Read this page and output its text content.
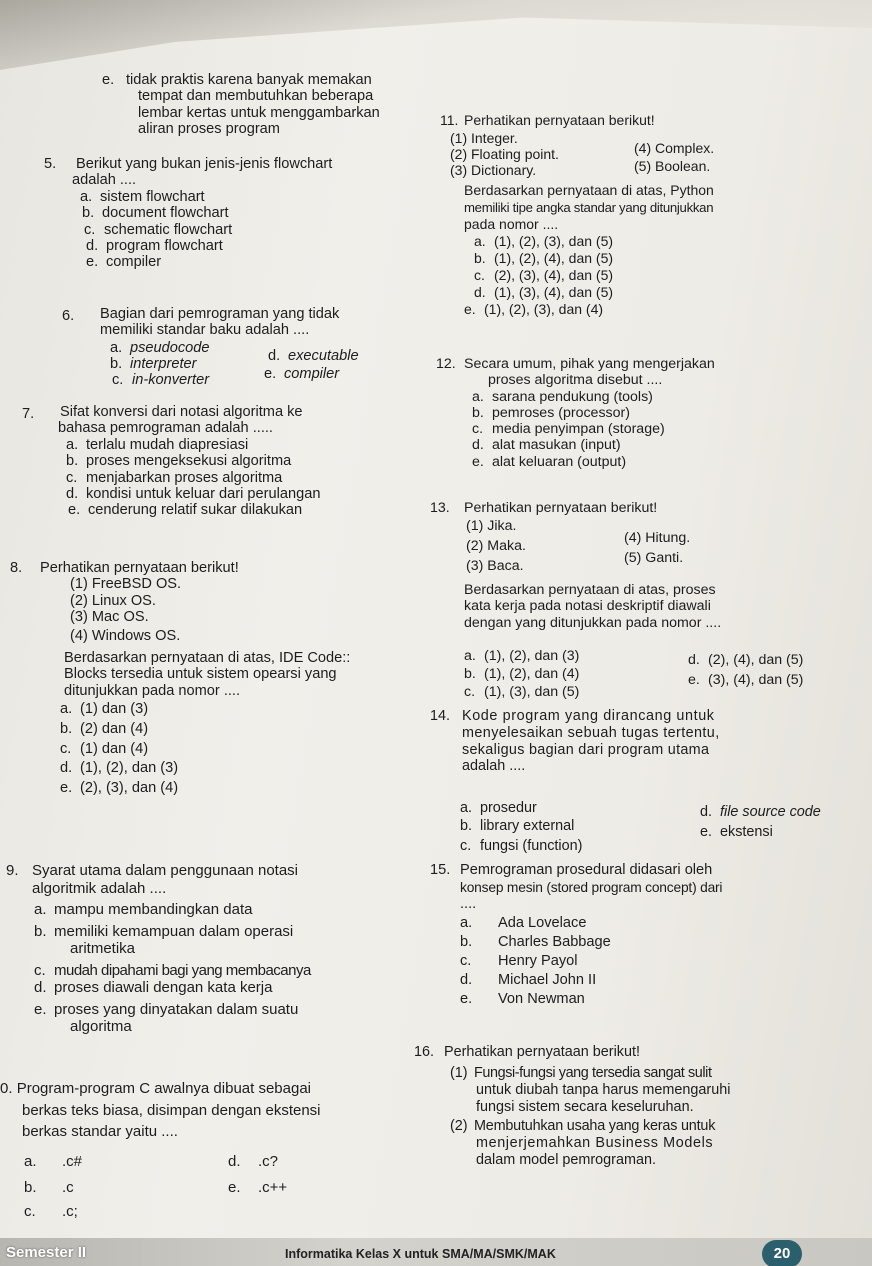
e. tidak praktis karena banyak memakan
tempat dan membutuhkan beberapa
lembar kertas untuk menggambarkan
aliran proses program
5.	Berikut yang bukan jenis-jenis flowchart
adalah ....
a. sistem flowchart
b. document flowchart
c. schematic flowchart
d. program flowchart
e. compiler
6.	Bagian dari pemrograman yang tidak
memiliki standar baku adalah ....
a. pseudocode
b. interpreter
c. in-konverter
d. executable
e. compiler
7.	Sifat konversi dari notasi algoritma ke
bahasa pemrograman adalah .....
a. terlalu mudah diapresiasi
b. proses mengeksekusi algoritma
c. menjabarkan proses algoritma
d. kondisi untuk keluar dari perulangan
e. cenderung relatif sukar dilakukan
8. Perhatikan pernyataan berikut!
(1) FreeBSD OS.
(2) Linux OS.
(3) Mac OS.
(4) Windows OS.
Berdasarkan pernyataan di atas, IDE Code::
Blocks tersedia untuk sistem opearsi yang
ditunjukkan pada nomor ....
a. (1) dan (3)
b. (2) dan (4)
c. (1) dan (4)
d. (1), (2), dan (3)
e. (2), (3), dan (4)
9. Syarat utama dalam penggunaan notasi
algoritmik adalah ....
a. mampu membandingkan data
b. memiliki kemampuan dalam operasi
aritmetika
c. mudah dipahami bagi yang membacanya
d. proses diawali dengan kata kerja
e. proses yang dinyatakan dalam suatu
algoritma
0. Program-program C awalnya dibuat sebagai
berkas teks biasa, disimpan dengan ekstensi
berkas standar yaitu ....
a. .c#
b. .c
c. .c;
d. .c?
e. .c++
11. Perhatikan pernyataan berikut!
(1) Integer.
(2) Floating point.
(3) Dictionary.
(4) Complex.
(5) Boolean.
Berdasarkan pernyataan di atas, Python
memiliki tipe angka standar yang ditunjukkan
pada nomor ....
a. (1), (2), (3), dan (5)
b. (1), (2), (4), dan (5)
c. (2), (3), (4), dan (5)
d. (1), (3), (4), dan (5)
e. (1), (2), (3), dan (4)
12. Secara umum, pihak yang mengerjakan
proses algoritma disebut ....
a. sarana pendukung (tools)
b. pemroses (processor)
c. media penyimpan (storage)
d. alat masukan (input)
e. alat keluaran (output)
13. Perhatikan pernyataan berikut!
(1) Jika.
(2) Maka.
(3) Baca.
(4) Hitung.
(5) Ganti.
Berdasarkan pernyataan di atas, proses
kata kerja pada notasi deskriptif diawali
dengan yang ditunjukkan pada nomor ....
a. (1), (2), dan (3)
b. (1), (2), dan (4)
c. (1), (3), dan (5)
d. (2), (4), dan (5)
e. (3), (4), dan (5)
14. Kode program yang dirancang untuk
menyelesaikan sebuah tugas tertentu,
sekaligus bagian dari program utama
adalah ....
a. prosedur
b. library external
c. fungsi (function)
d. file source code
e. ekstensi
15. Pemrograman prosedural didasari oleh
konsep mesin (stored program concept) dari
....
a. Ada Lovelace
b. Charles Babbage
c. Henry Payol
d. Michael John II
e. Von Newman
16. Perhatikan pernyataan berikut!
(1) Fungsi-fungsi yang tersedia sangat sulit
untuk diubah tanpa harus memengaruhi
fungsi sistem secara keseluruhan.
(2) Membutuhkan usaha yang keras untuk
menjerjemahkan Business Models
dalam model pemrograman.
Semester II	Informatika Kelas X untuk SMA/MA/SMK/MAK	20
